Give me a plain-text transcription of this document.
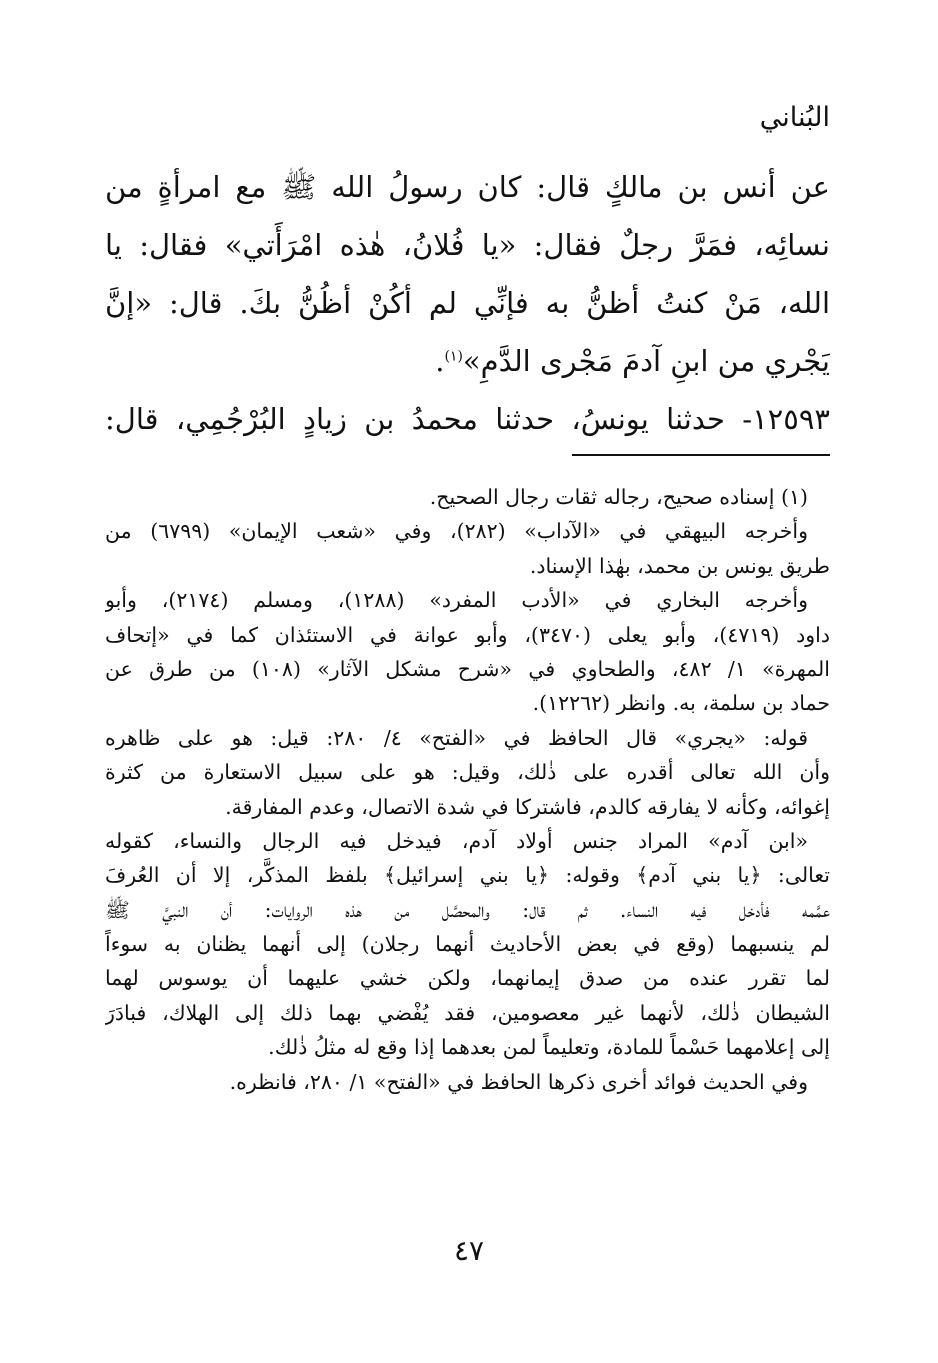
البُناني
عن أنس بن مالكٍ قال: كان رسولُ الله ﷺ مع امرأةٍ من
نسائِه، فمَرَّ رجلٌ فقال: «يا فُلانُ، هٰذه امْرَأَتي» فقال: يا
الله، مَنْ كنتُ أظنُّ به فإنِّي لم أكُنْ أظُنُّ بكَ. قال: «إنَّ
يَجْري من ابنِ آدمَ مَجْرى الدَّمِ»$^{(١)}$.
١٢٥٩٣- حدثنا يونسُ، حدثنا محمدُ بن زيادٍ البُرْجُمِي، قال:
(١) إسناده صحيح، رجاله ثقات رجال الصحيح.
وأخرجه البيهقي في «الآداب» (٢٨٢)، وفي «شعب الإيمان» (٦٧٩٩) من
طريق يونس بن محمد، بهٰذا الإسناد.
وأخرجه البخاري في «الأدب المفرد» (١٢٨٨)، ومسلم (٢١٧٤)، وأبو
داود (٤٧١٩)، وأبو يعلى (٣٤٧٠)، وأبو عوانة في الاستئذان كما في «إتحاف
المهرة» ١/ ٤٨٢، والطحاوي في «شرح مشكل الآثار» (١٠٨) من طرق عن
حماد بن سلمة، به. وانظر (١٢٢٦٢).
قوله: «يجري» قال الحافظ في «الفتح» ٤/ ٢٨٠: قيل: هو على ظاهره
وأن الله تعالى أقدره على ذٰلك، وقيل: هو على سبيل الاستعارة من كثرة
إغوائه، وكأنه لا يفارقه كالدم، فاشتركا في شدة الاتصال، وعدم المفارقة.
«ابن آدم» المراد جنس أولاد آدم، فيدخل فيه الرجال والنساء، كقوله
تعالى: ﴿يا بني آدم﴾ وقوله: ﴿يا بني إسرائيل﴾ بلفظ المذكَّر، إلا أن العُرفَ
عمَّمه فأدخل فيه النساء. ثم قال: والمحصَّل من هذه الروايات: أن النبيَّ ﷺ
لم ينسبهما (وقع في بعض الأحاديث أنهما رجلان) إلى أنهما يظنان به سوءاً
لما تقرر عنده من صدق إيمانهما، ولكن خشي عليهما أن يوسوس لهما
الشيطان ذٰلك، لأنهما غير معصومين، فقد يُفْضي بهما ذلك إلى الهلاك، فبادَرَ
إلى إعلامهما حَسْماً للمادة، وتعليماً لمن بعدهما إذا وقع له مثلُ ذٰلك.
وفي الحديث فوائد أخرى ذكرها الحافظ في «الفتح» ١/ ٢٨٠، فانظره.
٤٧
